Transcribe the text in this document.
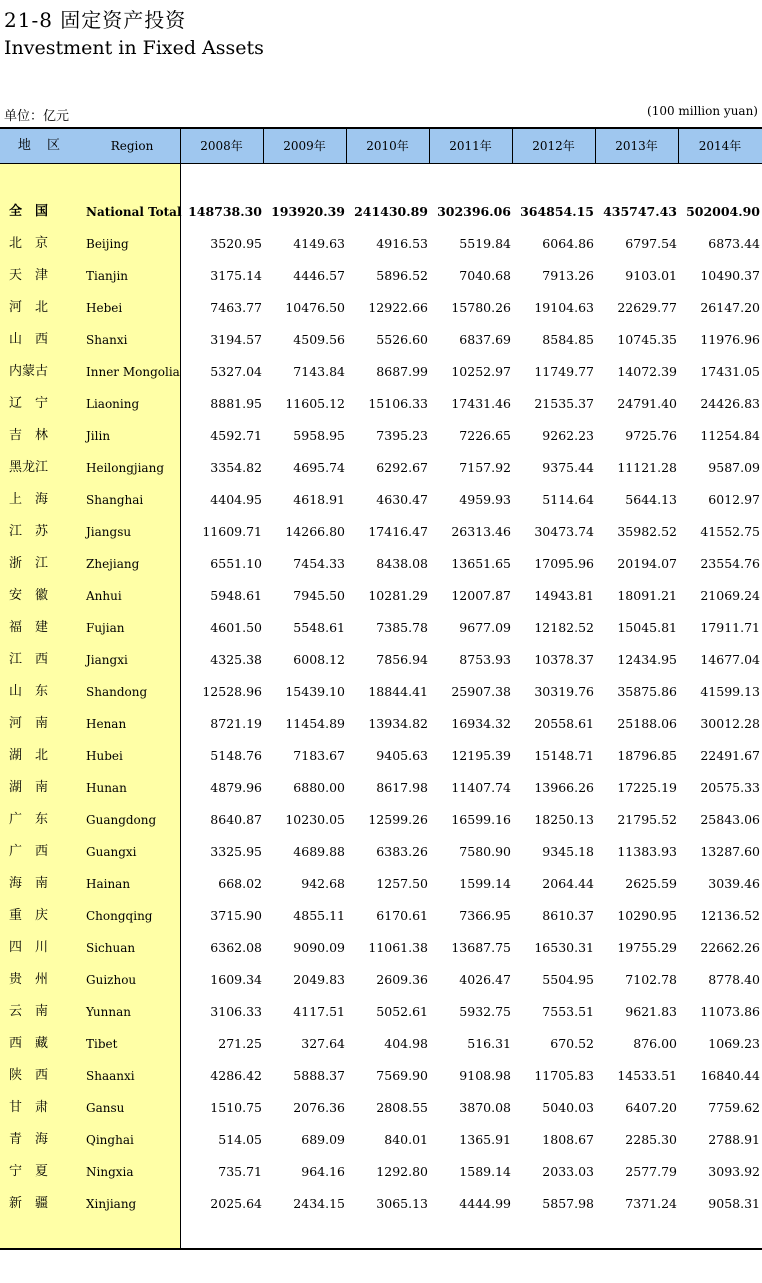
21-8 固定资产投资
Investment in Fixed Assets
单位：亿元	(100 million yuan)
地 区	Region	2008年	2009年	2010年	2011年	2012年	2013年	2014年
全　国	National Total 148738.30 193920.39 241430.89 302396.06 364854.15 435747.43 502004.90
北　京	Beijing	3520.95	4149.63	4916.53	5519.84	6064.86	6797.54	6873.44
天　津	Tianjin	3175.14	4446.57	5896.52	7040.68	7913.26	9103.01	10490.37
河　北	Hebei	7463.77	10476.50	12922.66	15780.26	19104.63	22629.77	26147.20
山　西	Shanxi	3194.57	4509.56	5526.60	6837.69	8584.85	10745.35	11976.96
内蒙古	Inner Mongolia	5327.04	7143.84	8687.99	10252.97	11749.77	14072.39	17431.05
辽　宁	Liaoning	8881.95	11605.12	15106.33	17431.46	21535.37	24791.40	24426.83
吉　林	Jilin	4592.71	5958.95	7395.23	7226.65	9262.23	9725.76	11254.84
黑龙江	Heilongjiang	3354.82	4695.74	6292.67	7157.92	9375.44	11121.28	9587.09
上　海	Shanghai	4404.95	4618.91	4630.47	4959.93	5114.64	5644.13	6012.97
江　苏	Jiangsu	11609.71	14266.80	17416.47	26313.46	30473.74	35982.52	41552.75
浙　江	Zhejiang	6551.10	7454.33	8438.08	13651.65	17095.96	20194.07	23554.76
安　徽	Anhui	5948.61	7945.50	10281.29	12007.87	14943.81	18091.21	21069.24
福　建	Fujian	4601.50	5548.61	7385.78	9677.09	12182.52	15045.81	17911.71
江　西	Jiangxi	4325.38	6008.12	7856.94	8753.93	10378.37	12434.95	14677.04
山　东	Shandong	12528.96	15439.10	18844.41	25907.38	30319.76	35875.86	41599.13
河　南	Henan	8721.19	11454.89	13934.82	16934.32	20558.61	25188.06	30012.28
湖　北	Hubei	5148.76	7183.67	9405.63	12195.39	15148.71	18796.85	22491.67
湖　南	Hunan	4879.96	6880.00	8617.98	11407.74	13966.26	17225.19	20575.33
广　东	Guangdong	8640.87	10230.05	12599.26	16599.16	18250.13	21795.52	25843.06
广　西	Guangxi	3325.95	4689.88	6383.26	7580.90	9345.18	11383.93	13287.60
海　南	Hainan	668.02	942.68	1257.50	1599.14	2064.44	2625.59	3039.46
重　庆	Chongqing	3715.90	4855.11	6170.61	7366.95	8610.37	10290.95	12136.52
四　川	Sichuan	6362.08	9090.09	11061.38	13687.75	16530.31	19755.29	22662.26
贵　州	Guizhou	1609.34	2049.83	2609.36	4026.47	5504.95	7102.78	8778.40
云　南	Yunnan	3106.33	4117.51	5052.61	5932.75	7553.51	9621.83	11073.86
西　藏	Tibet	271.25	327.64	404.98	516.31	670.52	876.00	1069.23
陕　西	Shaanxi	4286.42	5888.37	7569.90	9108.98	11705.83	14533.51	16840.44
甘　肃	Gansu	1510.75	2076.36	2808.55	3870.08	5040.03	6407.20	7759.62
青　海	Qinghai	514.05	689.09	840.01	1365.91	1808.67	2285.30	2788.91
宁　夏	Ningxia	735.71	964.16	1292.80	1589.14	2033.03	2577.79	3093.92
新　疆	Xinjiang	2025.64	2434.15	3065.13	4444.99	5857.98	7371.24	9058.31
